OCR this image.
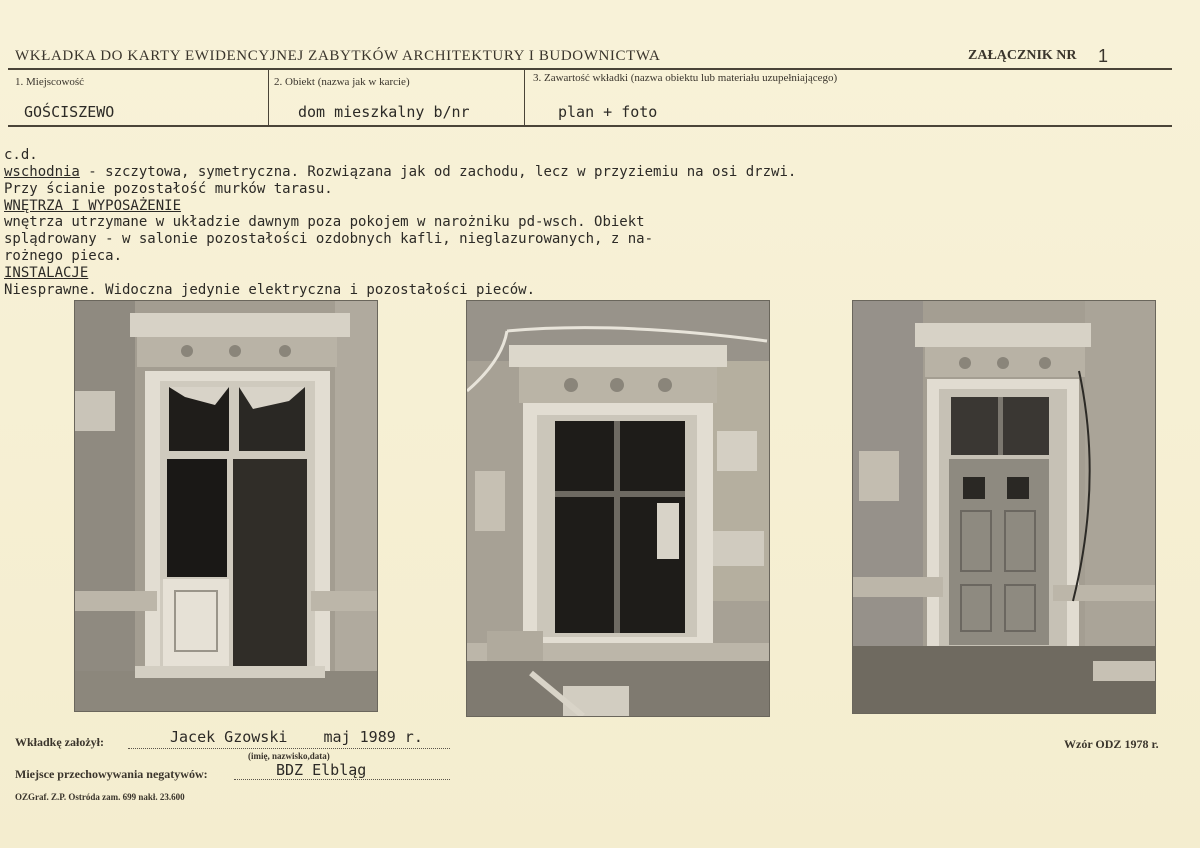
WKŁADKA DO KARTY EWIDENCYJNEJ ZABYTKÓW ARCHITEKTURY I BUDOWNICTWA	ZAŁĄCZNIK NR 1
1. Miejscowość
GOŚCISZEWO
2. Obiekt (nazwa jak w karcie)
dom mieszkalny b/nr
3. Zawartość wkładki (nazwa obiektu lub materiału uzupełniającego)
plan + foto
c.d.
wschodnia - szczytowa, symetryczna. Rozwiązana jak od zachodu, lecz w przyziemiu na osi drzwi.
Przy ścianie pozostałość murków tarasu.
WNĘTRZA I WYPOSAŻENIE
wnętrza utrzymane w układzie dawnym poza pokojem w narożniku pd-wsch. Obiekt
splądrowany - w salonie pozostałości ozdobnych kafli, nieglazurowanych, z na-
rożnego pieca.
INSTALACJE
Niesprawne. Widoczna jedynie elektryczna i pozostałości pieców.
Wkładkę założył:	Jacek Gzowski    maj 1989 r.
(imię, nazwisko,data)
Miejsce przechowywania negatywów:	BDZ Elbląg
Wzór ODZ 1978 r.
OZGraf. Z.P. Ostróda zam. 699 nakł. 23.600
